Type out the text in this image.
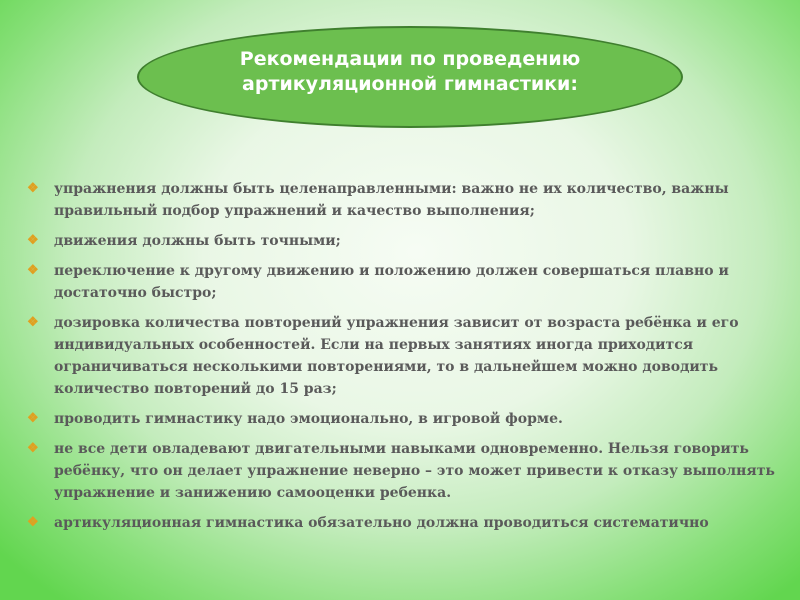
Рекомендации по проведению
артикуляционной гимнастики:
❖ упражнения должны быть целенаправленными: важно не их количество, важны
правильный подбор упражнений и качество выполнения;
❖ движения должны быть точными;
❖ переключение к другому движению и положению должен совершаться плавно и
достаточно быстро;
❖ дозировка количества повторений упражнения зависит от возраста ребёнка и его
индивидуальных особенностей. Если на первых занятиях иногда приходится
ограничиваться несколькими повторениями, то в дальнейшем можно доводить
количество повторений до 15 раз;
❖ проводить гимнастику надо эмоционально, в игровой форме.
❖ не все дети овладевают двигательными навыками одновременно. Нельзя говорить
ребёнку, что он делает упражнение неверно – это может привести к отказу выполнять
упражнение и занижению самооценки ребенка.
❖ артикуляционная гимнастика обязательно должна проводиться систематично
